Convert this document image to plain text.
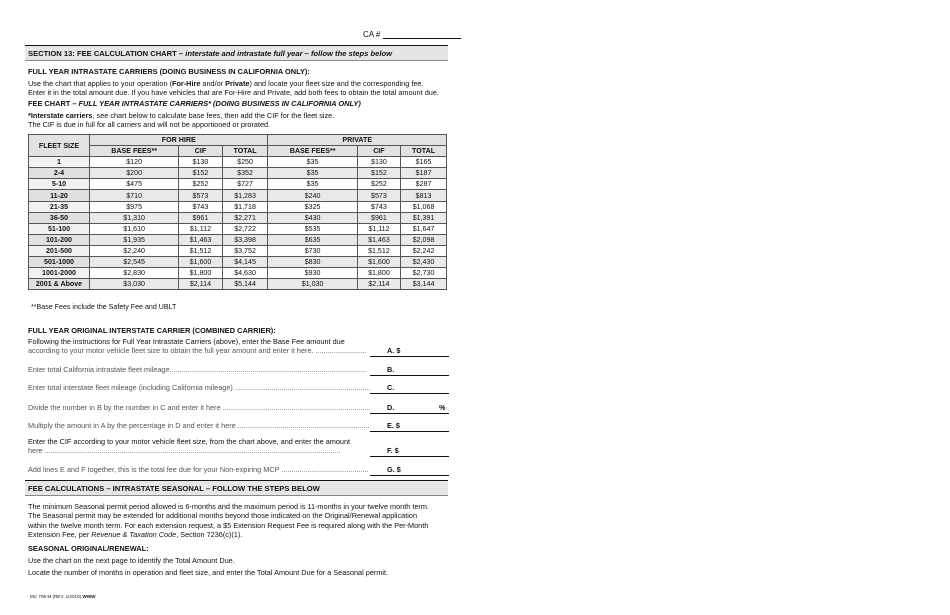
CA #
SECTION 13: FEE CALCULATION CHART – interstate and intrastate full year – follow the steps below
FULL YEAR INTRASTATE CARRIERS (DOING BUSINESS IN CALIFORNIA ONLY):
Use the chart that applies to your operation (For-Hire and/or Private) and locate your fleet size and the corresponding fee.
Enter it in the total amount due. If you have vehicles that are For-Hire and Private, add both fees to obtain the total amount due.
FEE CHART – FULL YEAR INTRASTATE CARRIERS* (DOING BUSINESS IN CALIFORNIA ONLY)
*Interstate carriers, see chart below to calculate base fees, then add the CIF for the fleet size.
The CIF is due in full for all carriers and will not be apportioned or prorated.
FLEET SIZE	FOR HIRE			PRIVATE		
	BASE FEES**	CIF	TOTAL	BASE FEES**	CIF	TOTAL
1	$120	$130	$250	$35	$130	$165
2-4	$200	$152	$352	$35	$152	$187
5-10	$475	$252	$727	$35	$252	$287
11-20	$710	$573	$1,283	$240	$573	$813
21-35	$975	$743	$1,718	$325	$743	$1,068
36-50	$1,310	$961	$2,271	$430	$961	$1,391
51-100	$1,610	$1,112	$2,722	$535	$1,112	$1,647
101-200	$1,935	$1,463	$3,398	$635	$1,463	$2,098
201-500	$2,240	$1,512	$3,752	$730	$1,512	$2,242
501-1000	$2,545	$1,600	$4,145	$830	$1,600	$2,430
1001-2000	$2,830	$1,800	$4,630	$930	$1,800	$2,730
2001 & Above	$3,030	$2,114	$5,144	$1,030	$2,114	$3,144
**Base Fees include the Safety Fee and UBLT
FULL YEAR ORIGINAL INTERSTATE CARRIER (COMBINED CARRIER):
Following the instructions for Full Year Intrastate Carriers (above), enter the Base Fee amount due
according to your motor vehicle fleet size to obtain the full year amount and enter it here. .........................	A. $
Enter total California intrastate fleet mileage.................................................................................................	B.
Enter total interstate fleet mileage (including California mileage) ................................................................... C.
Divide the number in B by the number in C and enter it here ......................................................................... D.	%
Multiply the amount in A by the percentage in D and enter it here ................................................................. E. $
Enter the CIF according to your motor vehicle fleet size, from the chart above, and enter the amount
here ..................................................................................................................................................	F. $
Add lines E and F together, this is the total fee due for your Non-expiring MCP ...........................................	G. $
FEE CALCULATIONS – INTRASTATE SEASONAL – FOLLOW THE STEPS BELOW
The minimum Seasonal permit period allowed is 6-months and the maximum period is 11-months in your twelve month term.
The Seasonal permit may be extended for additional months beyond those indicated on the Original/Renewal application
within the twelve month term. For each extension request, a $5 Extension Request Fee is required along with the Per-Month
Extension Fee, per Revenue & Taxation Code, Section 7236(c)(1).
SEASONAL ORIGINAL/RENEWAL:
Use the chart on the next page to identify the Total Amount Due.
Locate the number of months in operation and fleet size, and enter the Total Amount Due for a Seasonal permit.
MC 706 M (REV. 1/2019) WWW
